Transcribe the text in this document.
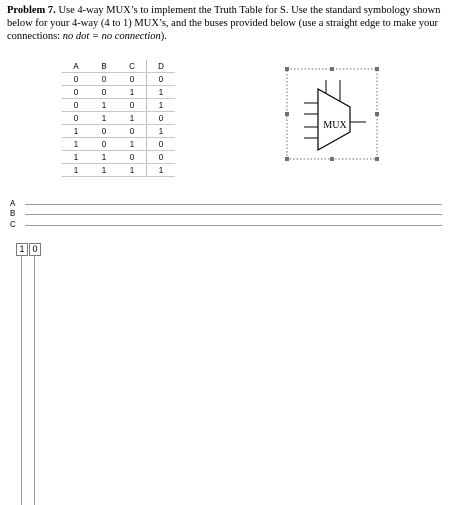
Problem 7. Use 4-way MUX’s to implement the Truth Table for S. Use the standard symbology shown below for your 4-way (4 to 1) MUX’s, and the buses provided below (use a straight edge to make your connections: no dot = no connection).
A	B	C	D
0	0	0	0
0	0	1	1
0	1	0	1
0	1	1	0
1	0	0	1
1	0	1	0
1	1	0	0
1	1	1	1
MUX
A
B
C
1 0
